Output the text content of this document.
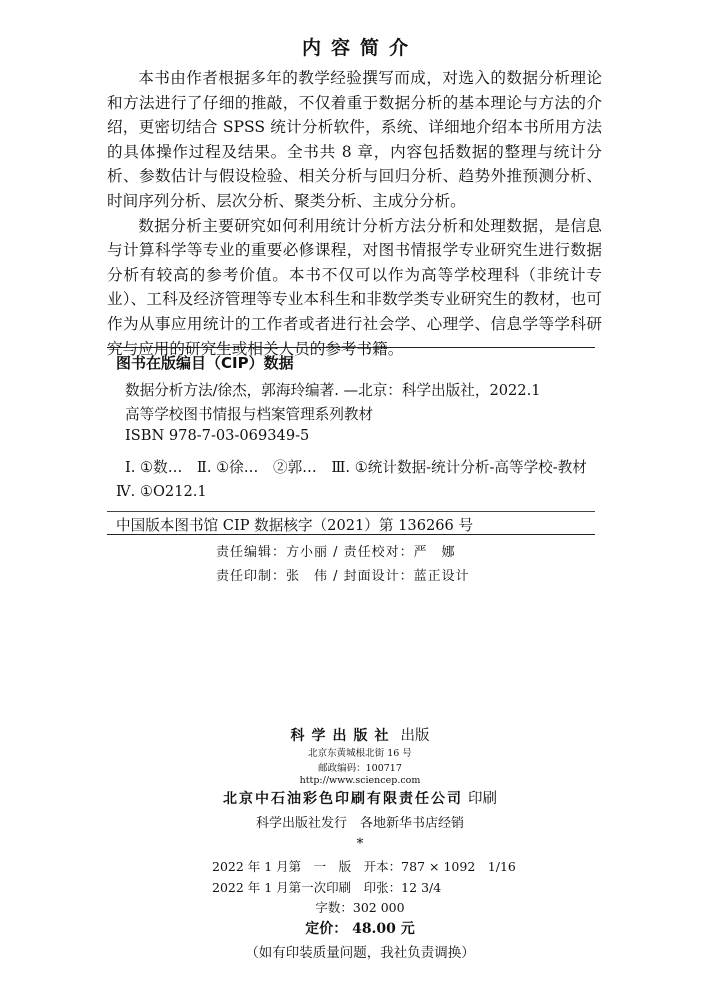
内容简介

本书由作者根据多年的教学经验撰写而成，对选入的数据分析理论和方法进行了仔细的推敲，不仅着重于数据分析的基本理论与方法的介绍，更密切结合 SPSS 统计分析软件，系统、详细地介绍本书所用方法的具体操作过程及结果。全书共 8 章，内容包括数据的整理与统计分析、参数估计与假设检验、相关分析与回归分析、趋势外推预测分析、时间序列分析、层次分析、聚类分析、主成分分析。

数据分析主要研究如何利用统计分析方法分析和处理数据，是信息与计算科学等专业的重要必修课程，对图书情报学专业研究生进行数据分析有较高的参考价值。本书不仅可以作为高等学校理科（非统计专业）、工科及经济管理等专业本科生和非数学类专业研究生的教材，也可作为从事应用统计的工作者或者进行社会学、心理学、信息学等学科研究与应用的研究生或相关人员的参考书籍。

图书在版编目（CIP）数据
数据分析方法/徐杰，郭海玲编著. —北京：科学出版社，2022.1
高等学校图书情报与档案管理系列教材
ISBN 978-7-03-069349-5
Ⅰ. ①数…　Ⅱ. ①徐…　②郭…　Ⅲ. ①统计数据-统计分析-高等学校-教材　Ⅳ. ①O212.1
中国版本图书馆 CIP 数据核字（2021）第 136266 号
责任编辑：方小丽 / 责任校对：严　娜
责任印制：张　伟 / 封面设计：蓝正设计
科学出版社 出版
北京东黄城根北街 16 号
邮政编码：100717
http://www.sciencep.com
北京中石油彩色印刷有限责任公司 印刷
科学出版社发行　各地新华书店经销
*
2022 年 1 月第　一　版　开本：787 × 1092　1/16
2022 年 1 月第一次印刷　印张：12 3/4
字数：302 000
定价： 48.00 元
（如有印装质量问题，我社负责调换）
